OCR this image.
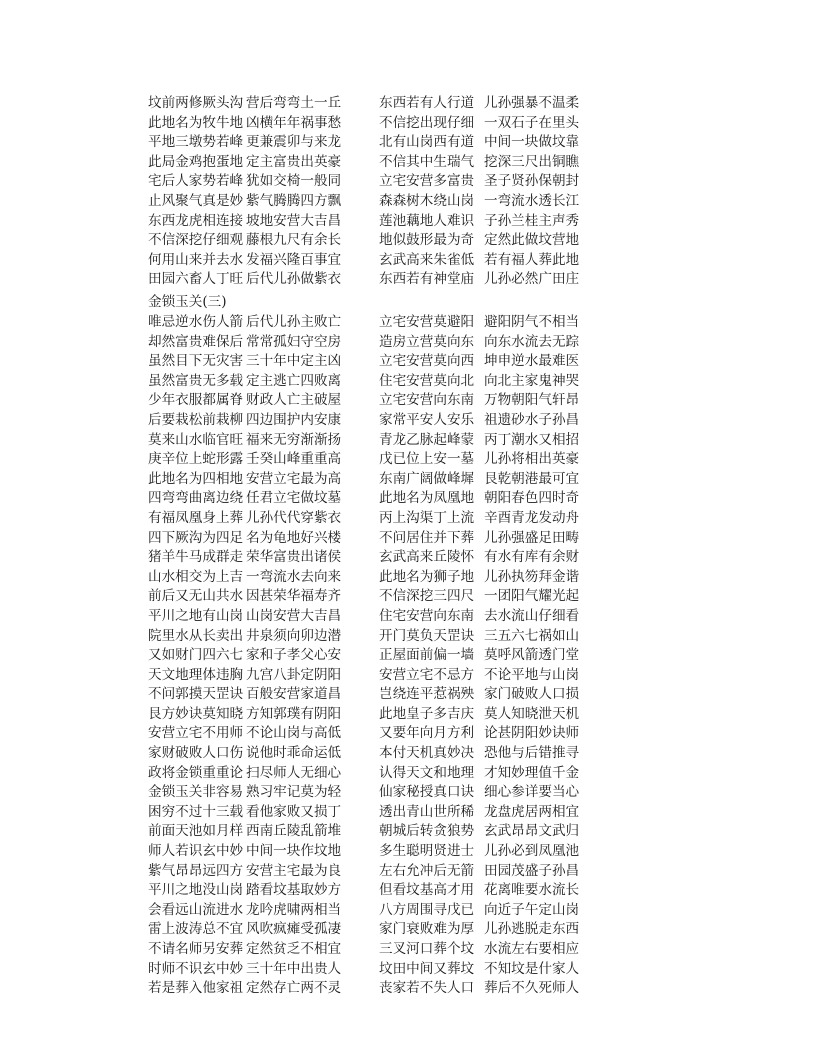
坟前两修厥头沟 营后弯弯土一丘	东西若有人行道 儿孙强暴不温柔
此地名为牧牛地 凶横年年祸事愁	不信挖出现仔细 一双石子在里头
平地三墩势若峰 更兼震卯与来龙	北有山岗西有道 中间一块做坟靠
此局金鸡抱蛋地 定主富贵出英豪	不信其中生瑞气 挖深三尺出铜瞧
宅后人家势若峰 犹如交椅一般同	立宅安营多富贵 圣子贤孙保朝封
止风聚气真是妙 紫气腾腾四方飘	森森树木绕山岗 一弯流水透长江
东西龙虎相连接 坡地安营大吉昌	莲池藕地人难识 子孙兰桂主声秀
不信深挖仔细观 藤根九尺有余长	地似鼓形最为奇 定然此做坟营地
何用山来并去水 发福兴隆百事宜	玄武高来朱雀低 若有福人葬此地
田园六畜人丁旺 后代儿孙做紫衣	东西若有神堂庙 儿孙必然广田庄
金锁玉关(三)
唯忌逆水伤人箭 后代儿孙主败亡	立宅安营莫避阳 避阳阴气不相当
却然富贵难保后 常常孤妇守空房	造房立营莫向东 向东水流去无踪
虽然目下无灾害 三十年中定主凶	立宅安营莫向西 坤申逆水最难医
虽然富贵无多载 定主逃亡四败离	住宅安营莫向北 向北主家鬼神哭
少年衣服都属脊 财政人亡主破屋	立宅安营向东南 万物朝阳气轩昂
后要栽松前栽柳 四边围护内安康	家常平安人安乐 祖遗砂水子孙昌
莫来山水临官旺 福来无穷渐渐扬	青龙乙脉起峰蒙 丙丁潮水又相招
庚辛位上蛇形露 壬癸山峰重重高	戊已位上安一墓 儿孙将相出英豪
此地名为四相地 安营立宅最为高	东南广阔做峰墀 艮乾朝港最可宜
四弯弯曲离边绕 任君立宅做坟墓	此地名为凤凰地 朝阳春色四时奇
有福凤凰身上葬 儿孙代代穿紫衣	丙上沟渠丁上流 辛酉青龙发动舟
四下厥沟为四足 名为龟地好兴楼	不问居住并下葬 儿孙强盛足田畴
猪羊牛马成群走 荣华富贵出诸侯	玄武高来丘陵怀 有水有库有余财
山水相交为上吉 一弯流水去向来	此地名为狮子地 儿孙执笏拜金谐
前后又无山共水 因甚荣华福寿齐	不信深挖三四尺 一团阳气耀光起
平川之地有山岗 山岗安营大吉昌	住宅安营向东南 去水流山仔细看
院里水从长卖出 井泉须向卯边潜	开门莫负天罡诀 三五六七祸如山
又如财门四六七 家和子孝父心安	正屋面前偏一墙 莫呼风箭透门堂
天文地理体违胸 九宫八卦定阴阳	安营立宅不忌方 不论平地与山岗
不问郭摸天罡诀 百般安营家道昌	岂绕连平惹祸殃 家门破败人口损
艮方妙诀莫知晓 方知郭璞有阴阳	此地皇子多吉庆 莫人知晓泄天机
安营立宅不用师 不论山岗与高低	又要年向月方利 论甚阴阳妙诀师
家财破败人口伤 说他时乖命运低	本付天机真妙决 恐他与后错推寻
政将金锁重重论 扫尽师人无细心	认得天文和地理 才知妙理值千金
金锁玉关非容易 熟习牢记莫为轻	仙家秘授真口诀 细心参详要当心
困穷不过十三载 看他家败又损丁	透出青山世所稀 龙盘虎居两相宜
前面天池如月样 西南丘陵乱箭堆	朝城后转贪狼势 玄武昂昂文武归
师人若识玄中妙 中间一块作坟地	多生聪明贤进士 儿孙必到凤凰池
紫气昂昂远四方 安营主宅最为良	左右允冲后无箭 田园茂盛子孙昌
平川之地没山岗 踏看坟基取妙方	但看坟基高才用 花离唯要水流长
会看远山流进水 龙吟虎啸两相当	八方周围寻戊已 向近子午定山岗
雷上波涛总不宜 风吹疯瘫受孤凄	家门衰败难为厚 儿孙逃脱走东西
不请名师另安葬 定然贫乏不相宜	三叉河口葬个坟 水流左右要相应
时师不识玄中妙 三十年中出贵人	坟田中间又葬坟 不知坟是什家人
若是葬入他家祖 定然存亡两不灵	丧家若不失人口 葬后不久死师人
